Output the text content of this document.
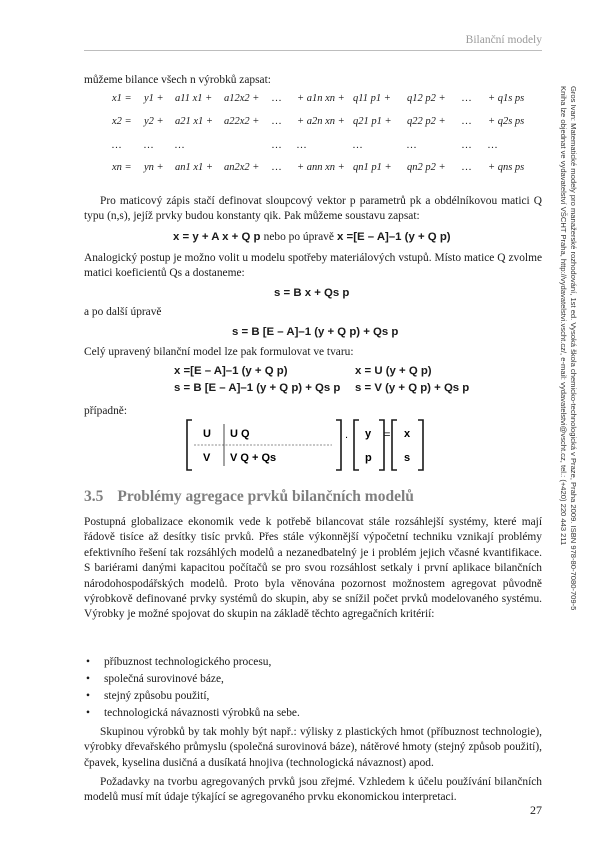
Bilanční modely
můžeme bilance všech n výrobků zapsat:
x1 = y1 + a11 x1 + a12x2 + … + a1n xn + q11 p1 + q12 p2 + … + q1s ps
x2 = y2 + a21 x1 + a22x2 + … + a2n xn + q21 p1 + q22 p2 + … + q2s ps
… … …	… …	…	…	… …
xn = yn + an1 x1 + an2x2 + … + ann xn + qn1 p1 + qn2 p2 + … + qns ps
Pro maticový zápis stačí definovat sloupcový vektor p parametrů pk a obdélníkovou matici Q typu (n,s), jejíž prvky budou konstanty qik. Pak můžeme soustavu zapsat:
x = y + A x + Q p nebo po úpravě x =[E – A]–1 (y + Q p)
Analogický postup je možno volit u modelu spotřeby materiálových vstupů. Místo matice Q zvolme matici koeficientů Qs a dostaneme:
s = B x + Qs p
a po další úpravě
s = B [E – A]–1 (y + Q p) + Qs p
Celý upravený bilanční model lze pak formulovat ve tvaru:
x =[E – A]–1 (y + Q p)	x = U (y + Q p)
s = B [E – A]–1 (y + Q p) + Qs p s = V (y + Q p) + Qs p
případně:
U U Q
V V Q + Qs
. y
p
= x
s
3.5 Problémy agregace prvků bilančních modelů
Postupná globalizace ekonomik vede k potřebě bilancovat stále rozsáhlejší systémy, které mají řádově tisíce až desítky tisíc prvků. Přes stále výkonnější výpočetní techniku vznikají problémy efektivního řešení tak rozsáhlých modelů a nezanedbatelný je i problém jejich včasné kvantifikace. S bariérami danými kapacitou počítačů se pro svou rozsáhlost setkaly i první aplikace bilančních národohospodářských modelů. Proto byla věnována pozornost možnostem agregovat původně výrobkově definované prvky systémů do skupin, aby se snížil počet prvků modelovaného systému. Výrobky je možné spojovat do skupin na základě těchto agregačních kritérií:
• příbuznost technologického procesu,
• společná surovinové báze,
• stejný způsobu použití,
• technologická návaznosti výrobků na sebe.
Skupinou výrobků by tak mohly být např.: výlisky z plastických hmot (příbuznost technologie), výrobky dřevařského průmyslu (společná surovinová báze), nátěrové hmoty (stejný způsob použití), čpavek, kyselina dusičná a dusíkatá hnojiva (technologická návaznost) apod.
Požadavky na tvorbu agregovaných prvků jsou zřejmé. Vzhledem k účelu používání bilančních modelů musí mít údaje týkající se agregovaného prvku ekonomickou interpretaci.
Gros Ivan: Matematické modely pro manažerské rozhodování, 1st ed. Vysoká škola chemicko-technologická v Praze, Praha 2009. ISBN 978-80-7080-709-5
Kniha lze objednat ve vydavatelství VŠCHT Praha, http://vydavatelstvi.vscht.cz/, e-mail: vydavatelstvi@vscht.cz, tel.: (+420) 220 443 211
27
